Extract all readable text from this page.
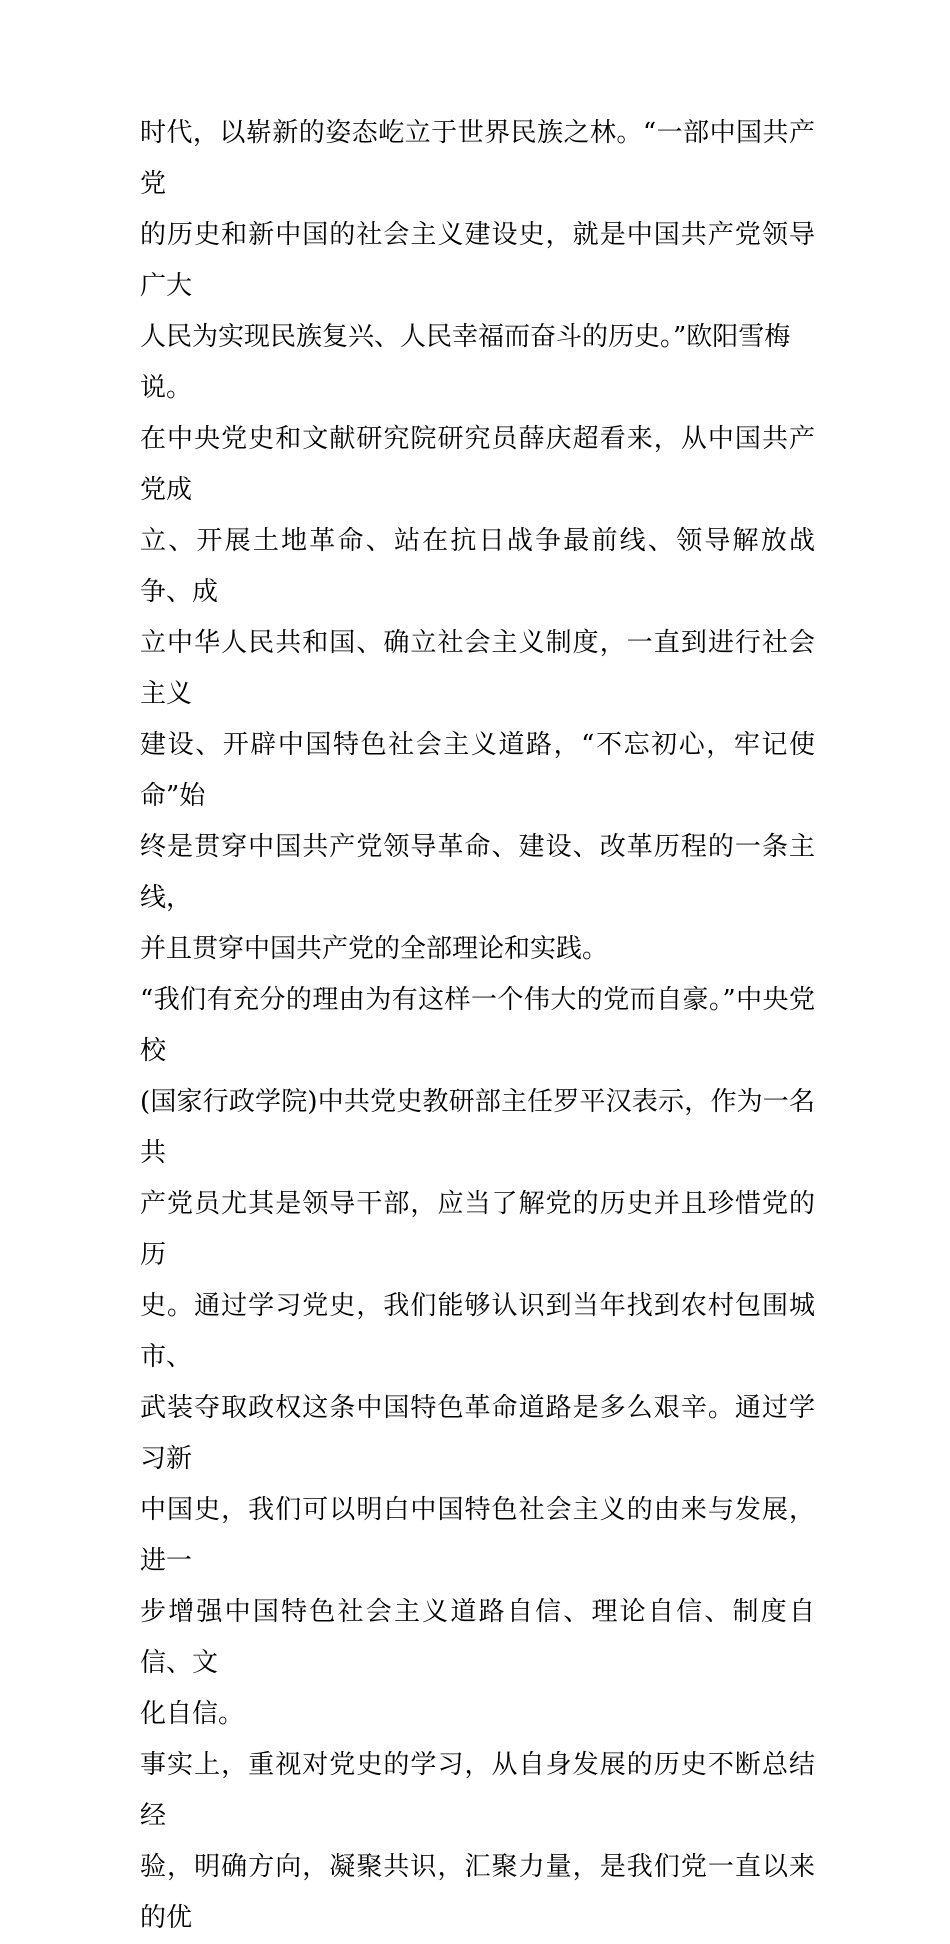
时代，以崭新的姿态屹立于世界民族之林。“一部中国共产党
的历史和新中国的社会主义建设史，就是中国共产党领导广大
人民为实现民族复兴、人民幸福而奋斗的历史。”欧阳雪梅
说。

在中央党史和文献研究院研究员薛庆超看来，从中国共产党成
立、开展土地革命、站在抗日战争最前线、领导解放战争、成
立中华人民共和国、确立社会主义制度，一直到进行社会主义
建设、开辟中国特色社会主义道路，“不忘初心，牢记使命”始
终是贯穿中国共产党领导革命、建设、改革历程的一条主线，
并且贯穿中国共产党的全部理论和实践。

“我们有充分的理由为有这样一个伟大的党而自豪。”中央党校
(国家行政学院)中共党史教研部主任罗平汉表示，作为一名共
产党员尤其是领导干部，应当了解党的历史并且珍惜党的历
史。通过学习党史，我们能够认识到当年找到农村包围城市、
武装夺取政权这条中国特色革命道路是多么艰辛。通过学习新
中国史，我们可以明白中国特色社会主义的由来与发展，进一
步增强中国特色社会主义道路自信、理论自信、制度自信、文
化自信。

事实上，重视对党史的学习，从自身发展的历史不断总结经
验，明确方向，凝聚共识，汇聚力量，是我们党一直以来的优
